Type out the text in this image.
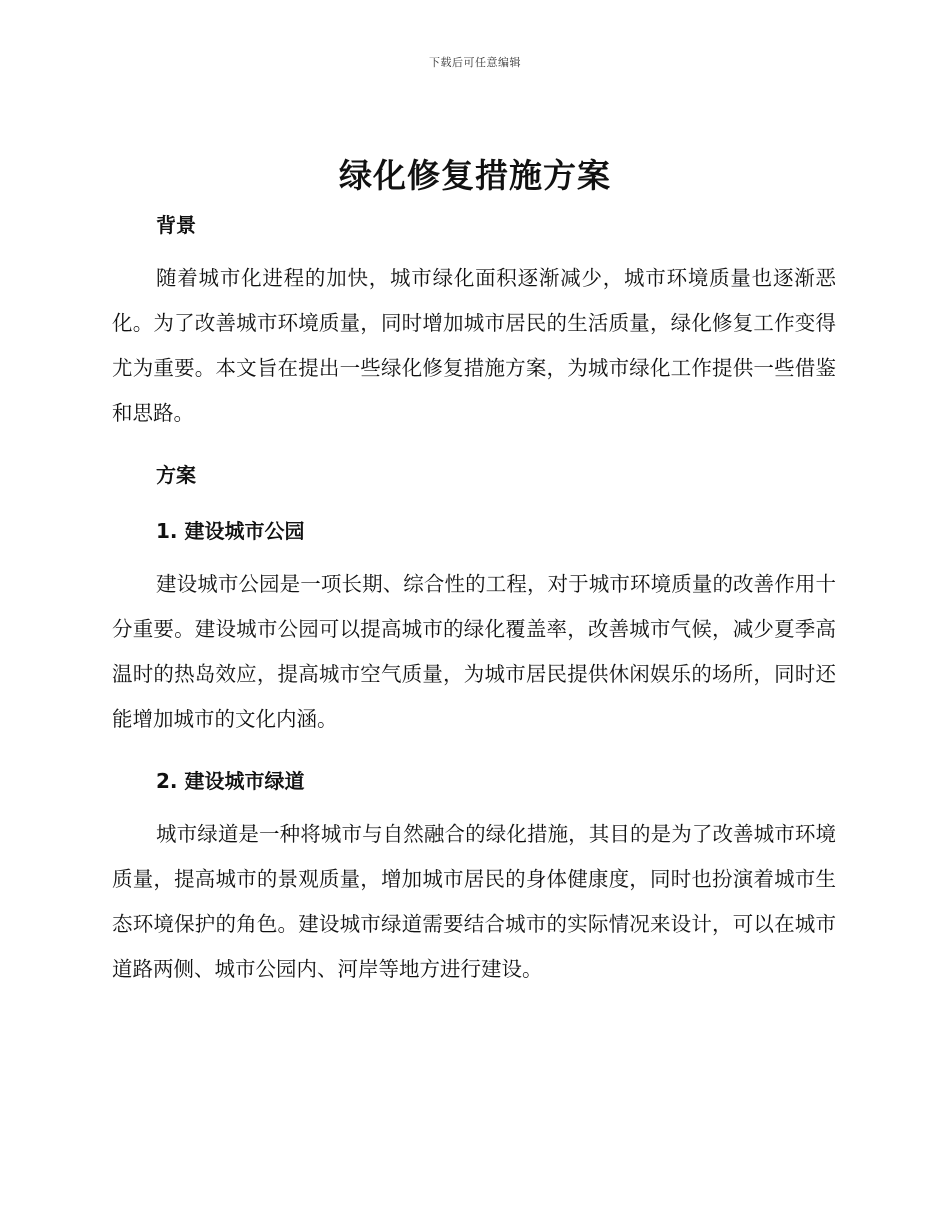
下载后可任意编辑
绿化修复措施方案
背景

随着城市化进程的加快，城市绿化面积逐渐减少，城市环境质量也逐渐恶化。为了改善城市环境质量，同时增加城市居民的生活质量，绿化修复工作变得尤为重要。本文旨在提出一些绿化修复措施方案，为城市绿化工作提供一些借鉴和思路。

方案
1. 建设城市公园

建设城市公园是一项长期、综合性的工程，对于城市环境质量的改善作用十分重要。建设城市公园可以提高城市的绿化覆盖率，改善城市气候，减少夏季高温时的热岛效应，提高城市空气质量，为城市居民提供休闲娱乐的场所，同时还能增加城市的文化内涵。

2. 建设城市绿道

城市绿道是一种将城市与自然融合的绿化措施，其目的是为了改善城市环境质量，提高城市的景观质量，增加城市居民的身体健康度，同时也扮演着城市生态环境保护的角色。建设城市绿道需要结合城市的实际情况来设计，可以在城市道路两侧、城市公园内、河岸等地方进行建设。
